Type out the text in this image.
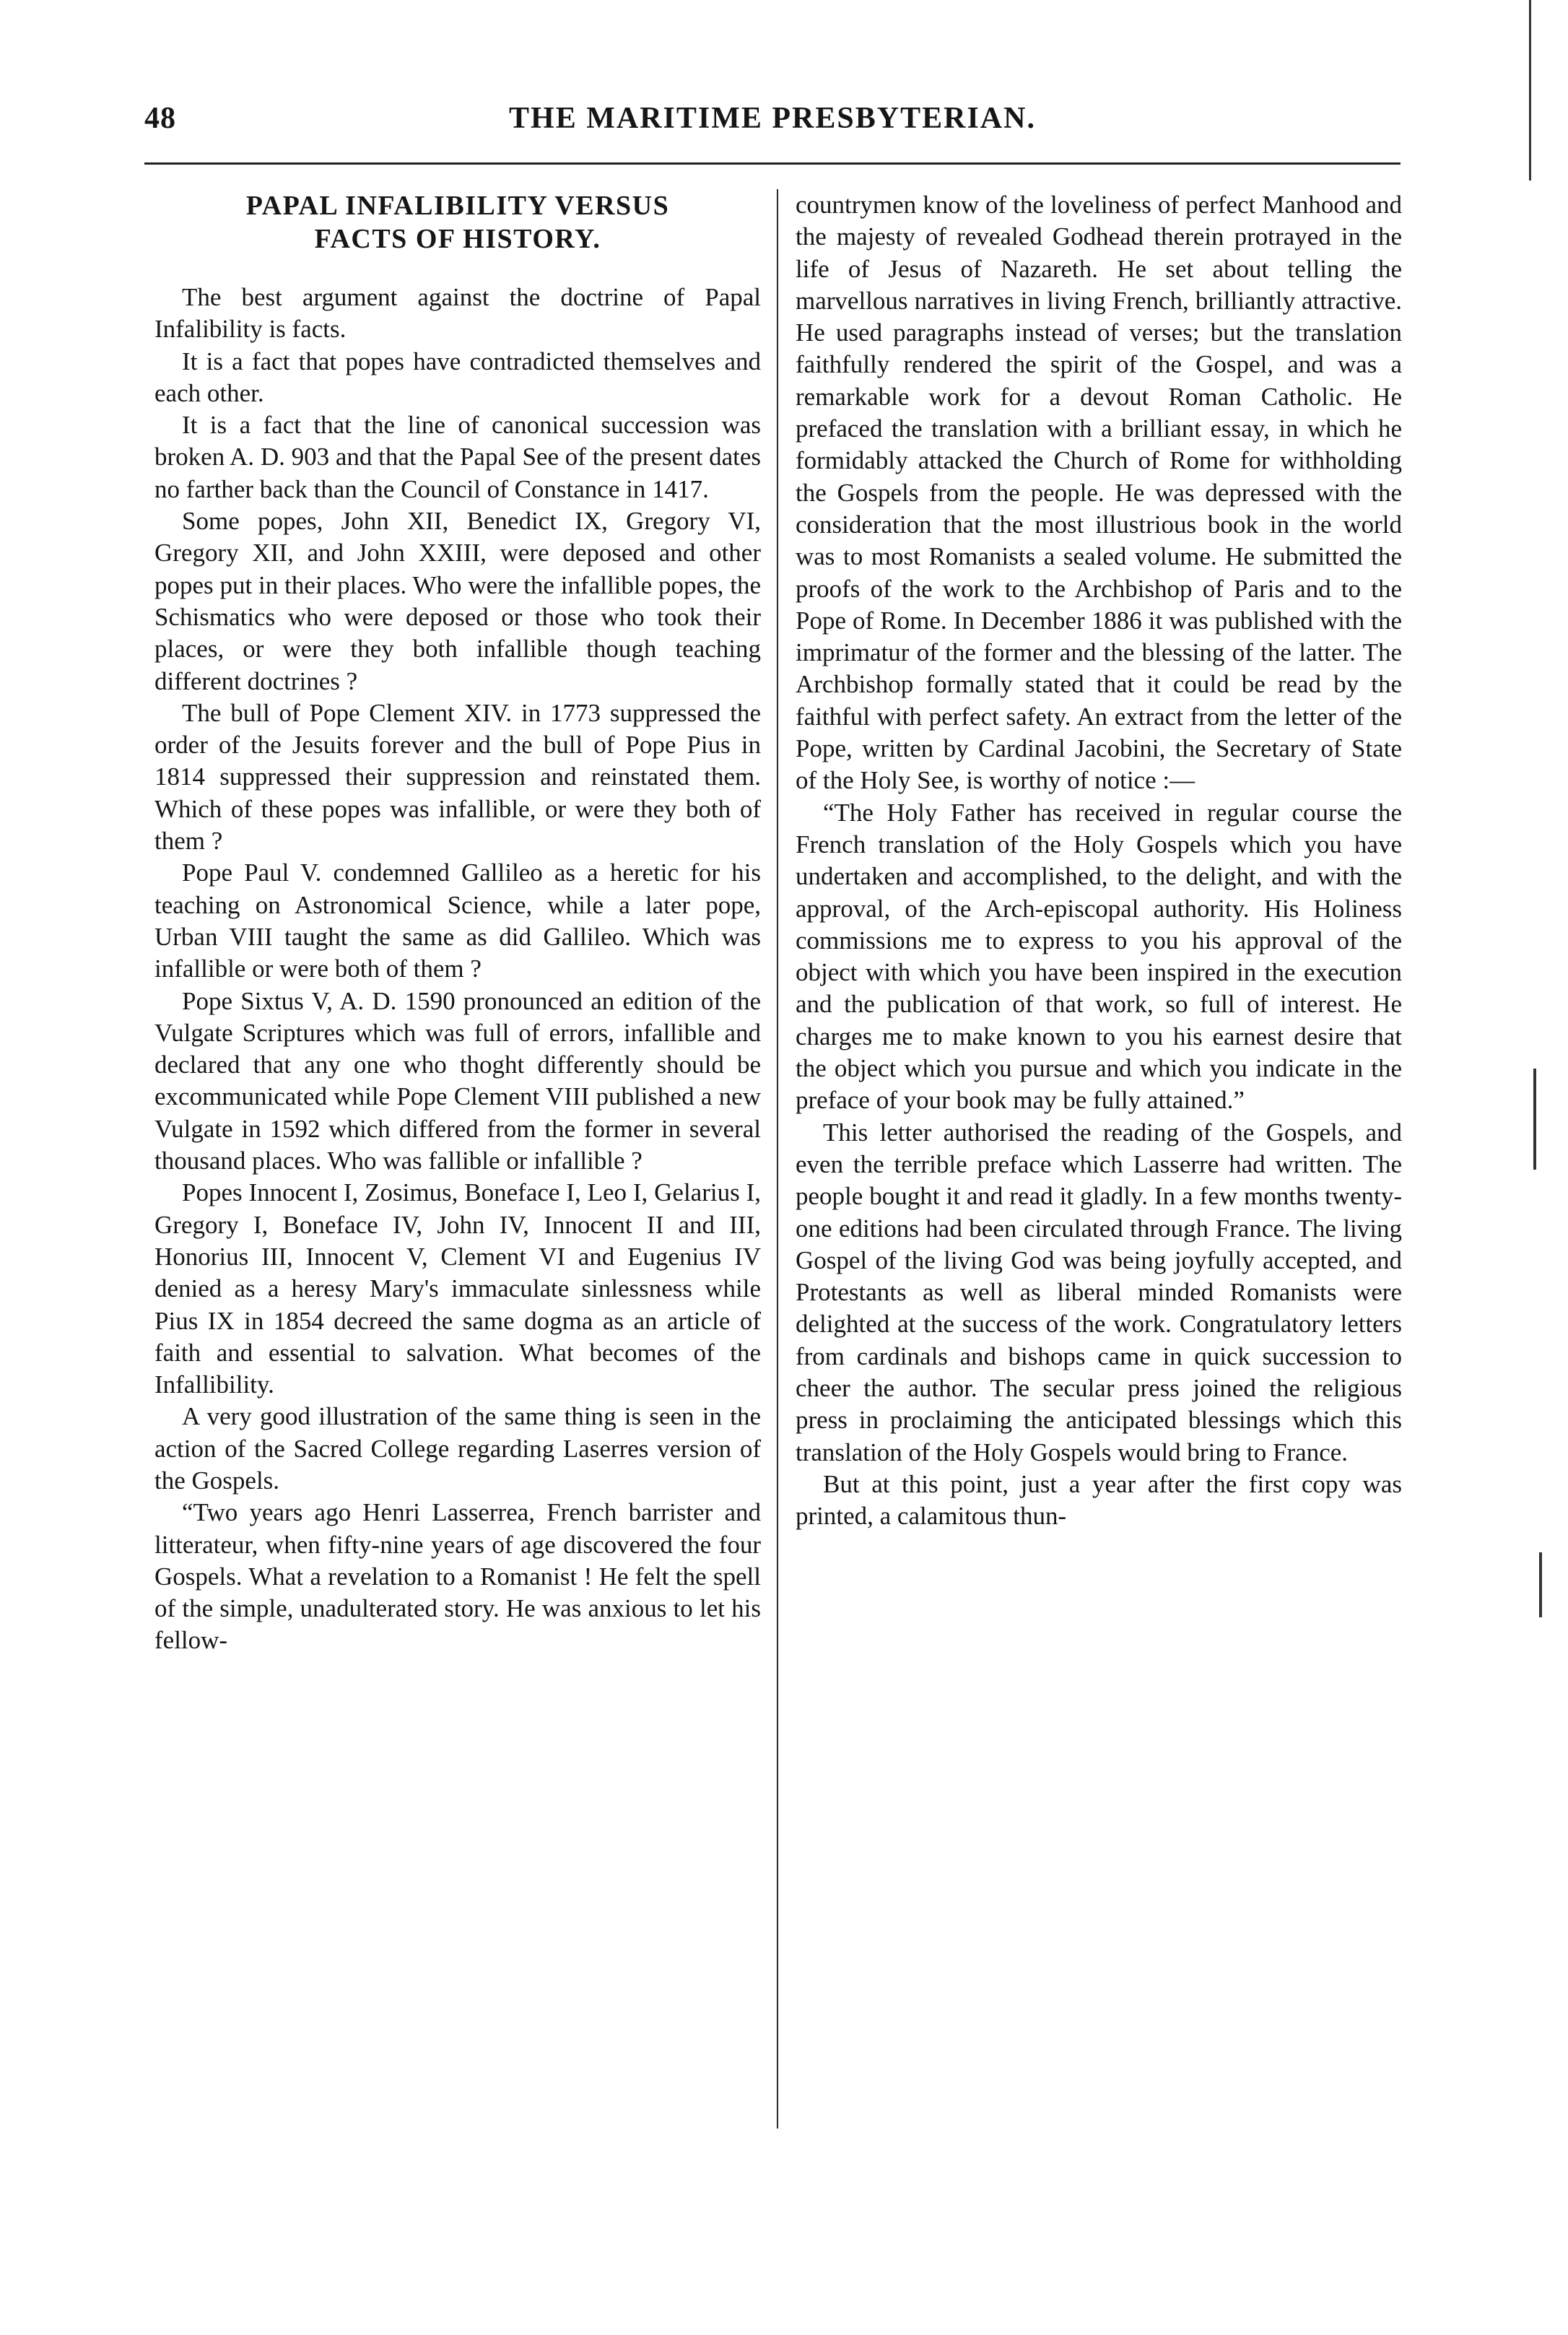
48	THE MARITIME PRESBYTERIAN.
PAPAL INFALIBILITY VERSUS
FACTS OF HISTORY.

The best argument against the doctrine of Papal Infalibility is facts.

It is a fact that popes have contradicted themselves and each other.

It is a fact that the line of canonical succession was broken A. D. 903 and that the Papal See of the present dates no farther back than the Council of Constance in 1417.

Some popes, John XII, Benedict IX, Gregory VI, Gregory XII, and John XXIII, were deposed and other popes put in their places. Who were the infallible popes, the Schismatics who were deposed or those who took their places, or were they both infallible though teaching different doctrines ?

The bull of Pope Clement XIV. in 1773 suppressed the order of the Jesuits forever and the bull of Pope Pius in 1814 suppressed their suppression and reinstated them. Which of these popes was infallible, or were they both of them ?

Pope Paul V. condemned Gallileo as a heretic for his teaching on Astronomical Science, while a later pope, Urban VIII taught the same as did Gallileo. Which was infallible or were both of them ?

Pope Sixtus V, A. D. 1590 pronounced an edition of the Vulgate Scriptures which was full of errors, infallible and declared that any one who thoght differently should be excommunicated while Pope Clement VIII published a new Vulgate in 1592 which differed from the former in several thousand places. Who was fallible or infallible ?

Popes Innocent I, Zosimus, Boneface I, Leo I, Gelarius I, Gregory I, Boneface IV, John IV, Innocent II and III, Honorius III, Innocent V, Clement VI and Eugenius IV denied as a heresy Mary's immaculate sinlessness while Pius IX in 1854 decreed the same dogma as an article of faith and essential to salvation. What becomes of the Infallibility.

A very good illustration of the same thing is seen in the action of the Sacred College regarding Laserres version of the Gospels.

“Two years ago Henri Lasserrea, French barrister and litterateur, when fifty-nine years of age discovered the four Gospels. What a revelation to a Romanist ! He felt the spell of the simple, unadulterated story. He was anxious to let his fellow-

countrymen know of the loveliness of perfect Manhood and the majesty of revealed Godhead therein protrayed in the life of Jesus of Nazareth. He set about telling the marvellous narratives in living French, brilliantly attractive. He used paragraphs instead of verses; but the translation faithfully rendered the spirit of the Gospel, and was a remarkable work for a devout Roman Catholic. He prefaced the translation with a brilliant essay, in which he formidably attacked the Church of Rome for withholding the Gospels from the people. He was depressed with the consideration that the most illustrious book in the world was to most Romanists a sealed volume. He submitted the proofs of the work to the Archbishop of Paris and to the Pope of Rome. In December 1886 it was published with the imprimatur of the former and the blessing of the latter. The Archbishop formally stated that it could be read by the faithful with perfect safety. An extract from the letter of the Pope, written by Cardinal Jacobini, the Secretary of State of the Holy See, is worthy of notice :—

“The Holy Father has received in regular course the French translation of the Holy Gospels which you have undertaken and accomplished, to the delight, and with the approval, of the Arch-episcopal authority. His Holiness commissions me to express to you his approval of the object with which you have been inspired in the execution and the publication of that work, so full of interest. He charges me to make known to you his earnest desire that the object which you pursue and which you indicate in the preface of your book may be fully attained.”

This letter authorised the reading of the Gospels, and even the terrible preface which Lasserre had written. The people bought it and read it gladly. In a few months twenty-one editions had been circulated through France. The living Gospel of the living God was being joyfully accepted, and Protestants as well as liberal minded Romanists were delighted at the success of the work. Congratulatory letters from cardinals and bishops came in quick succession to cheer the author. The secular press joined the religious press in proclaiming the anticipated blessings which this translation of the Holy Gospels would bring to France.

But at this point, just a year after the first copy was printed, a calamitous thun-
